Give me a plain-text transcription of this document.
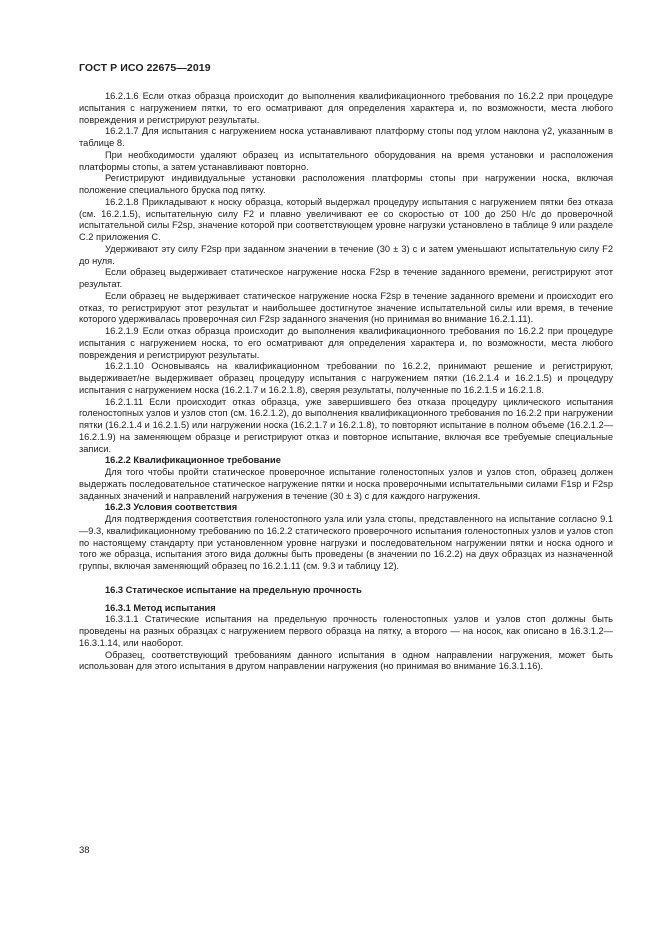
ГОСТ Р ИСО 22675—2019

16.2.1.6 Если отказ образца происходит до выполнения квалификационного требования по 16.2.2 при процедуре испытания с нагружением пятки, то его осматривают для определения характера и, по возможности, места любого повреждения и регистрируют результаты.

16.2.1.7 Для испытания с нагружением носка устанавливают платформу стопы под углом наклона γ2, указанным в таблице 8.

При необходимости удаляют образец из испытательного оборудования на время установки и расположения платформы стопы, а затем устанавливают повторно.

Регистрируют индивидуальные установки расположения платформы стопы при нагружении носка, включая положение специального бруска под пятку.

16.2.1.8 Прикладывают к носку образца, который выдержал процедуру испытания с нагружением пятки без отказа (см. 16.2.1.5), испытательную силу F2 и плавно увеличивают ее со скоростью от 100 до 250 Н/с до проверочной испытательной силы F2sp, значение которой при соответствующем уровне нагрузки установлено в таблице 9 или разделе С.2 приложения С.

Удерживают эту силу F2sp при заданном значении в течение (30 ± 3) с и затем уменьшают испытательную силу F2 до нуля.

Если образец выдерживает статическое нагружение носка F2sp в течение заданного времени, регистрируют этот результат.

Если образец не выдерживает статическое нагружение носка F2sp в течение заданного времени и происходит его отказ, то регистрируют этот результат и наибольшее достигнутое значение испытательной силы или время, в течение которого удерживалась проверочная сил F2sp заданного значения (но принимая во внимание 16.2.1.11).

16.2.1.9 Если отказ образца происходит до выполнения квалификационного требования по 16.2.2 при процедуре испытания с нагружением носка, то его осматривают для определения характера и, по возможности, места любого повреждения и регистрируют результаты.

16.2.1.10 Основываясь на квалификационном требовании по 16.2.2, принимают решение и регистрируют, выдерживает/не выдерживает образец процедуру испытания с нагружением пятки (16.2.1.4 и 16.2.1.5) и процедуру испытания с нагружением носка (16.2.1.7 и 16.2.1.8), сверяя результаты, полученные по 16.2.1.5 и 16.2.1.8.

16.2.1.11 Если происходит отказ образца, уже завершившего без отказа процедуру циклического испытания голеностопных узлов и узлов стоп (см. 16.2.1.2), до выполнения квалификационного требования по 16.2.2 при нагружении пятки (16.2.1.4 и 16.2.1.5) или нагружении носка (16.2.1.7 и 16.2.1.8), то повторяют испытание в полном объеме (16.2.1.2—16.2.1.9) на заменяющем образце и регистрируют отказ и повторное испытание, включая все требуемые специальные записи.

16.2.2 Квалификационное требование

Для того чтобы пройти статическое проверочное испытание голеностопных узлов и узлов стоп, образец должен выдержать последовательное статическое нагружение пятки и носка проверочными испытательными силами F1sp и F2sp заданных значений и направлений нагружения в течение (30 ± 3) с для каждого нагружения.

16.2.3 Условия соответствия

Для подтверждения соответствия голеностопного узла или узла стопы, представленного на испытание согласно 9.1—9.3, квалификационному требованию по 16.2.2 статического проверочного испытания голеностопных узлов и узлов стоп по настоящему стандарту при установленном уровне нагрузки и последовательном нагружении пятки и носка одного и того же образца, испытания этого вида должны быть проведены (в значении по 16.2.2) на двух образцах из назначенной группы, включая заменяющий образец по 16.2.1.11 (см. 9.3 и таблицу 12).

16.3 Статическое испытание на предельную прочность

16.3.1 Метод испытания

16.3.1.1 Статические испытания на предельную прочность голеностопных узлов и узлов стоп должны быть проведены на разных образцах с нагружением первого образца на пятку, а второго — на носок, как описано в 16.3.1.2—16.3.1.14, или наоборот.

Образец, соответствующий требованиям данного испытания в одном направлении нагружения, может быть использован для этого испытания в другом направлении нагружения (но принимая во внимание 16.3.1.16).

38
